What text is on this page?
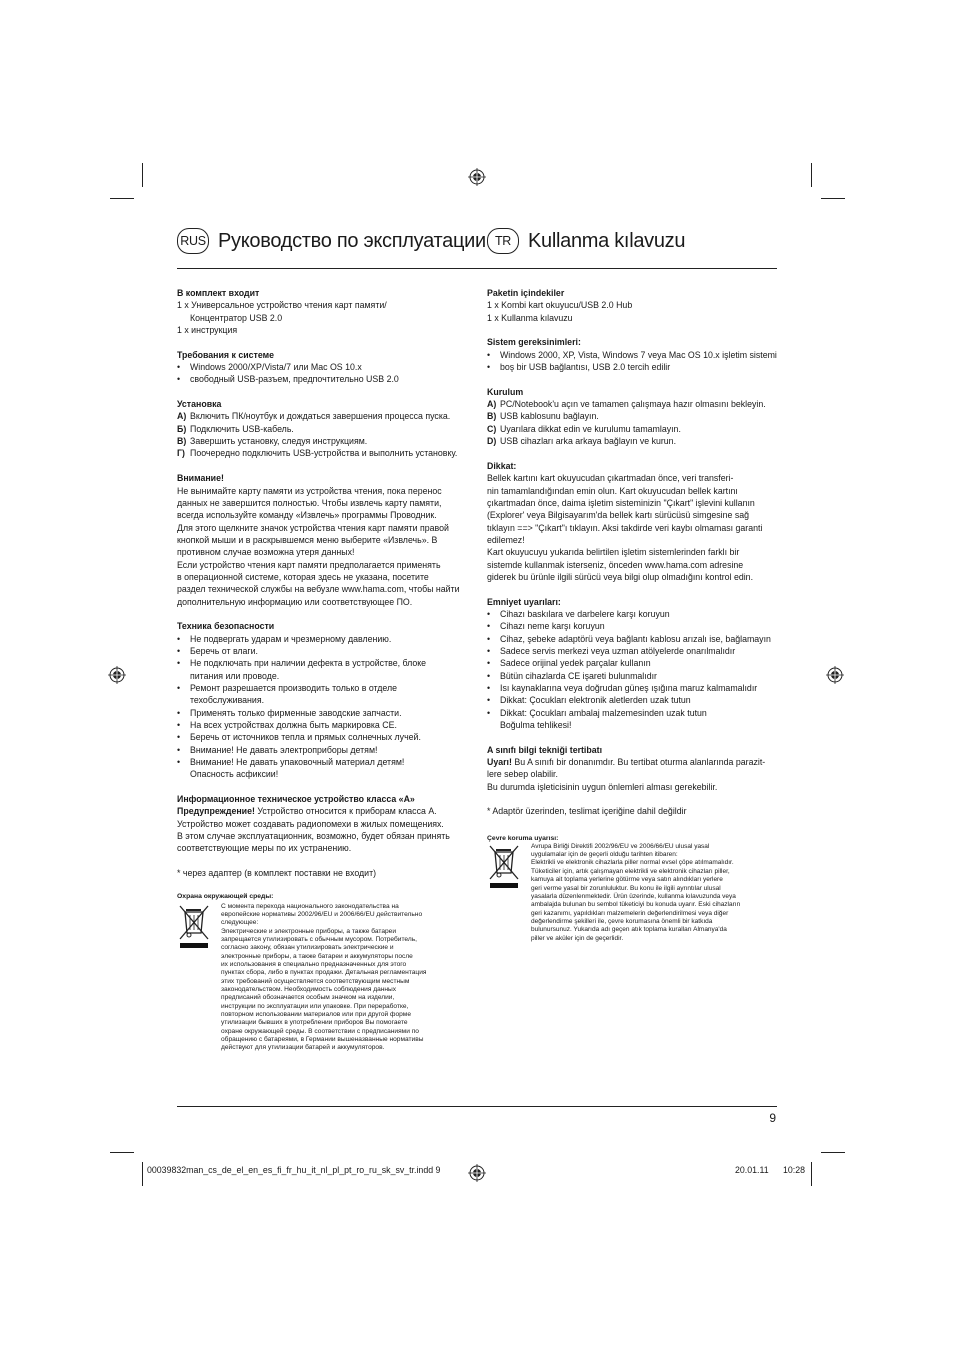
RUS Руководство по эксплуатации TR Kullanma kılavuzu

В комплект входит

1 x Универсальное устройство чтения карт памяти/

Концентратор USB 2.0

1 x инструкция

Требования к системе

• Windows 2000/XP/Vista/7 или Mac OS 10.x
• свободный USB-разъем, предпочтительно USB 2.0

Установка

А) Включить ПК/ноутбук и дождаться завершения процесса пуска.
Б) Подключить USB-кабель.
В) Завершить установку, следуя инструкциям.
Г) Поочередно подключить USB-устройства и выполнить установку.

Внимание!

Не вынимайте карту памяти из устройства чтения, пока перенос

данных не завершится полностью. Чтобы извлечь карту памяти,

всегда используйте команду «Извлечь» программы Проводник.

Для этого щелкните значок устройства чтения карт памяти правой

кнопкой мыши и в раскрывшемся меню выберите «Извлечь». В

противном случае возможна утеря данных!

Если устройство чтения карт памяти предполагается применять

в операционной системе, которая здесь не указана, посетите

раздел технической службы на вебузле www.hama.com, чтобы найти

дополнительную информацию или соответствующее ПО.

Техника безопасности

• Не подвергать ударам и чрезмерному давлению.
• Беречь от влаги.
• Не подключать при наличии дефекта в устройстве, блоке питания или проводе.
• Ремонт разрешается производить только в отделе техобслуживания.
• Применять только фирменные заводские запчасти.
• На всех устройствах должна быть маркировка CE.
• Беречь от источников тепла и прямых солнечных лучей.
• Внимание! Не давать электроприборы детям!
• Внимание! Не давать упаковочный материал детям! Опасность асфиксии!

Информационное техническое устройство класса «A»

Предупреждение! Устройство относится к приборам класса A.

Устройство может создавать радиопомехи в жилых помещениях.

В этом случае эксплуатационник, возможно, будет обязан принять

соответствующие меры по их устранению.

* через адаптер (в комплект поставки не входит)

Охрана окружающей среды:

С момента перехода национального законодательства на

европейские нормативы 2002/96/EU и 2006/66/EU действительно

следующее:

Электрические и электронные приборы, а также батареи

запрещается утилизировать с обычным мусором. Потребитель,

согласно закону, обязан утилизировать электрические и

электронные приборы, а также батареи и аккумуляторы после

их использования в специально предназначенных для этого

пунктах сбора, либо в пунктах продажи. Детальная регламентация

этих требований осуществляется соответствующим местным

законодательством. Необходимость соблюдения данных

предписаний обозначается особым значком на изделии,

инструкции по эксплуатации или упаковке. При переработке,

повторном использовании материалов или при другой форме

утилизации бывших в употреблении приборов Вы помогаете

охране окружающей среды. В соответствии с предписаниями по

обращению с батареями, в Германии вышеназванные нормативы

действуют для утилизации батарей и аккумуляторов.

Paketin içindekiler

1 x Kombi kart okuyucu/USB 2.0 Hub

1 x Kullanma kılavuzu

Sistem gereksinimleri:

• Windows 2000, XP, Vista, Windows 7 veya Mac OS 10.x işletim sistemi
• boş bir USB bağlantısı, USB 2.0 tercih edilir

Kurulum

A) PC/Notebook'u açın ve tamamen çalışmaya hazır olmasını bekleyin.
B) USB kablosunu bağlayın.
C) Uyarılara dikkat edin ve kurulumu tamamlayın.
D) USB cihazları arka arkaya bağlayın ve kurun.

Dikkat:

Bellek kartını kart okuyucudan çıkartmadan önce, veri transferi-

nin tamamlandığından emin olun. Kart okuyucudan bellek kartını

çıkartmadan önce, daima işletim sisteminizin "Çıkart" işlevini kullanın

(Explorer' veya Bilgisayarım'da bellek kartı sürücüsü simgesine sağ

tıklayın ==> "Çıkart"ı tıklayın. Aksi takdirde veri kaybı olmaması garanti

edilemez!

Kart okuyucuyu yukarıda belirtilen işletim sistemlerinden farklı bir

sistemde kullanmak isterseniz, önceden www.hama.com adresine

giderek bu ürünle ilgili sürücü veya bilgi olup olmadığını kontrol edin.

Emniyet uyarıları:

• Cihazı baskılara ve darbelere karşı koruyun
• Cihazı neme karşı koruyun
• Cihaz, şebeke adaptörü veya bağlantı kablosu arızalı ise, bağlamayın
• Sadece servis merkezi veya uzman atölyelerde onarılmalıdır
• Sadece orijinal yedek parçalar kullanın
• Bütün cihazlarda CE işareti bulunmalıdır
• Isı kaynaklarına veya doğrudan güneş ışığına maruz kalmamalıdır
• Dikkat: Çocukları elektronik aletlerden uzak tutun
• Dikkat: Çocukları ambalaj malzemesinden uzak tutun Boğulma tehlikesi!

A sınıfı bilgi tekniği tertibatı

Uyarı! Bu A sınıfı bir donanımdır. Bu tertibat oturma alanlarında parazit-

lere sebep olabilir.

Bu durumda işleticisinin uygun önlemleri alması gerekebilir.

* Adaptör üzerinden, teslimat içeriğine dahil değildir

Çevre koruma uyarısı:

Avrupa Birliği Direktifi 2002/96/EU ve 2006/66/EU ulusal yasal

uygulamalar için de geçerli olduğu tarihten itibaren:

Elektrikli ve elektronik cihazlarla piller normal evsel çöpe atılmamalıdır.

Tüketiciler için, artık çalışmayan elektrikli ve elektronik cihazları piller,

kamuya ait toplama yerlerine götürme veya satın alındıkları yerlere

geri verme yasal bir zorunluluktur. Bu konu ile ilgili ayrıntılar ulusal

yasalarla düzenlenmektedir. Ürün üzerinde, kullanma kılavuzunda veya

ambalajda bulunan bu sembol tüketiciyi bu konuda uyarır. Eski cihazların

geri kazanımı, yapıldıkları malzemelerin değerlendirilmesi veya diğer

değerlendirme şekilleri ile, çevre korumasına önemli bir katkıda

bulunursunuz. Yukarıda adı geçen atık toplama kuralları Almanya'da

piller ve aküler için de geçerlidir.

9
00039832man_cs_de_el_en_es_fi_fr_hu_it_nl_pl_pt_ro_ru_sk_sv_tr.indd 9	20.01.11 10:28
